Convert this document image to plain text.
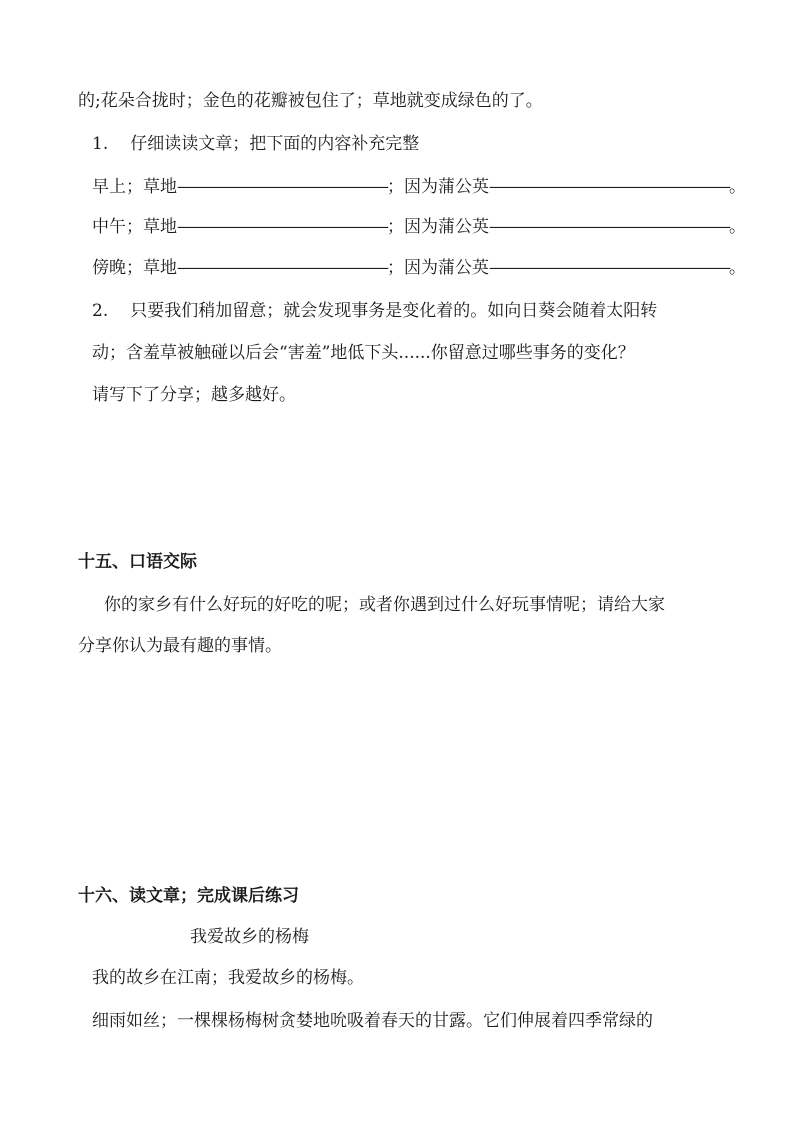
的;花朵合拢时；金色的花瓣被包住了；草地就变成绿色的了。
1. 仔细读读文章；把下面的内容补充完整
早上；草地——————————————；因为蒲公英————————————————。
中午；草地——————————————；因为蒲公英————————————————。
傍晚；草地——————————————；因为蒲公英————————————————。
2. 只要我们稍加留意；就会发现事务是变化着的。如向日葵会随着太阳转
动；含羞草被触碰以后会“害羞”地低下头......你留意过哪些事务的变化？
请写下了分享；越多越好。
十五、口语交际
你的家乡有什么好玩的好吃的呢；或者你遇到过什么好玩事情呢；请给大家
分享你认为最有趣的事情。
十六、读文章；完成课后练习
我爱故乡的杨梅
我的故乡在江南；我爱故乡的杨梅。
细雨如丝；一棵棵杨梅树贪婪地吮吸着春天的甘露。它们伸展着四季常绿的
